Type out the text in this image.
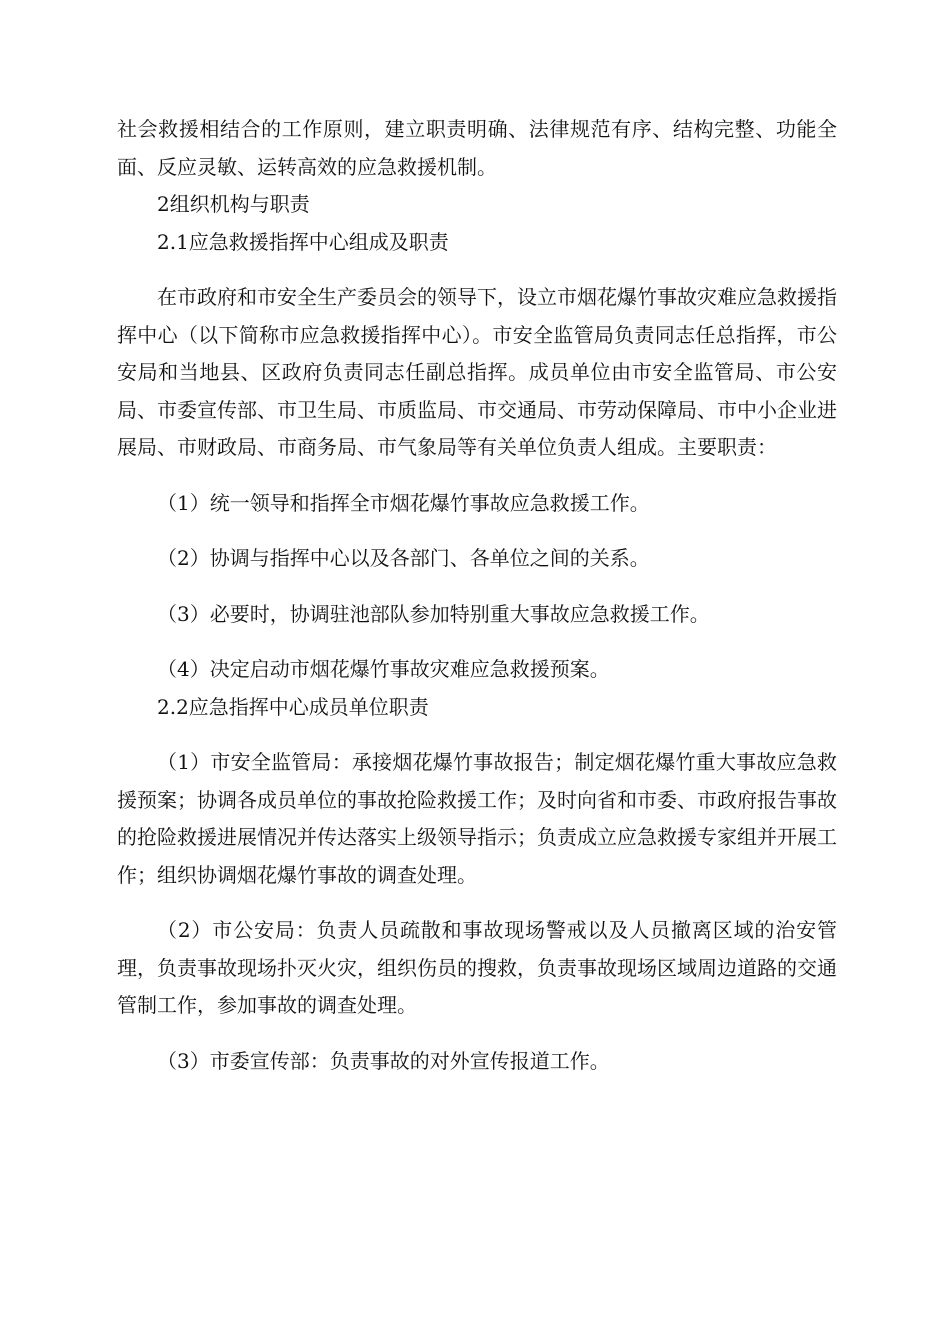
社会救援相结合的工作原则，建立职责明确、法律规范有序、结构完整、功能全面、反应灵敏、运转高效的应急救援机制。

2组织机构与职责

2.1应急救援指挥中心组成及职责

在市政府和市安全生产委员会的领导下，设立市烟花爆竹事故灾难应急救援指挥中心（以下简称市应急救援指挥中心）。市安全监管局负责同志任总指挥，市公安局和当地县、区政府负责同志任副总指挥。成员单位由市安全监管局、市公安局、市委宣传部、市卫生局、市质监局、市交通局、市劳动保障局、市中小企业进展局、市财政局、市商务局、市气象局等有关单位负责人组成。主要职责：

（1）统一领导和指挥全市烟花爆竹事故应急救援工作。

（2）协调与指挥中心以及各部门、各单位之间的关系。

（3）必要时，协调驻池部队参加特别重大事故应急救援工作。

（4）决定启动市烟花爆竹事故灾难应急救援预案。

2.2应急指挥中心成员单位职责

（1）市安全监管局：承接烟花爆竹事故报告；制定烟花爆竹重大事故应急救援预案；协调各成员单位的事故抢险救援工作；及时向省和市委、市政府报告事故的抢险救援进展情况并传达落实上级领导指示；负责成立应急救援专家组并开展工作；组织协调烟花爆竹事故的调查处理。

（2）市公安局：负责人员疏散和事故现场警戒以及人员撤离区域的治安管理，负责事故现场扑灭火灾，组织伤员的搜救，负责事故现场区域周边道路的交通管制工作，参加事故的调查处理。

（3）市委宣传部：负责事故的对外宣传报道工作。
